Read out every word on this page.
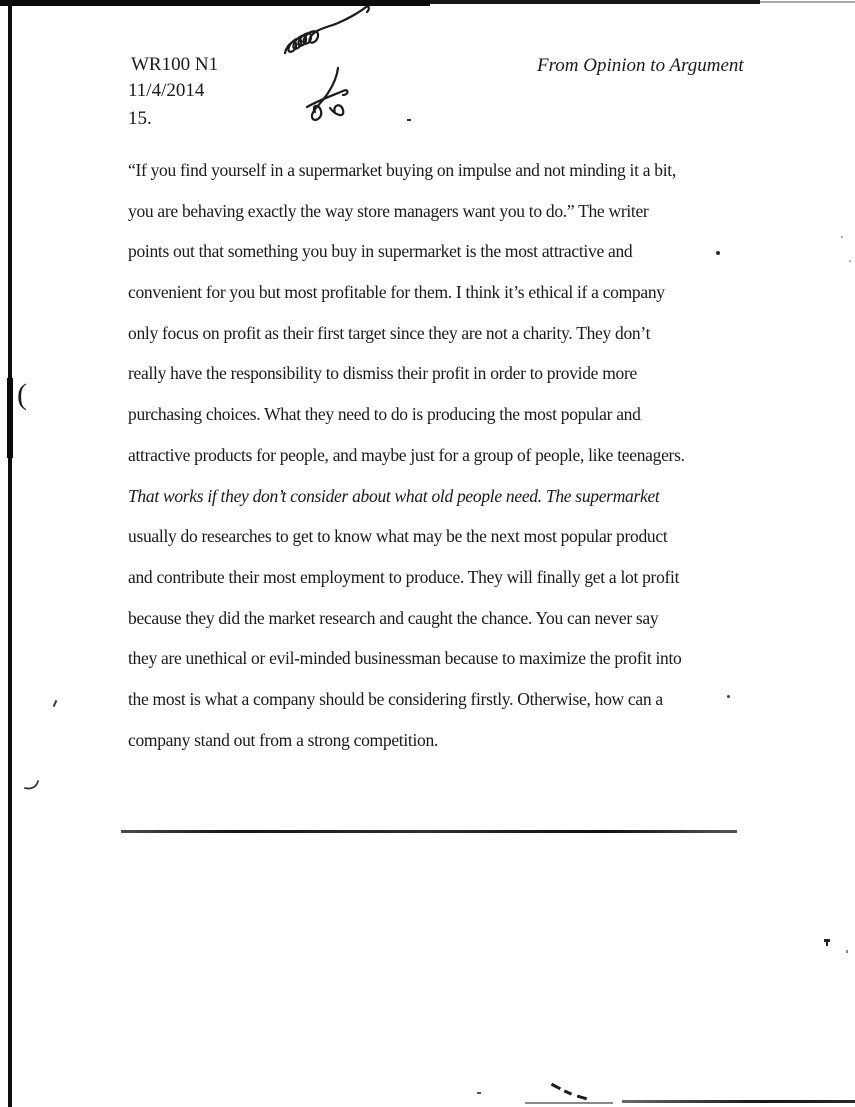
WR100 N1
11/4/2014
15.
From Opinion to Argument
(
“If you find yourself in a supermarket buying on impulse and not minding it a bit,
you are behaving exactly the way store managers want you to do.” The writer
points out that something you buy in supermarket is the most attractive and
convenient for you but most profitable for them. I think it’s ethical if a company
only focus on profit as their first target since they are not a charity. They don’t
really have the responsibility to dismiss their profit in order to provide more
purchasing choices. What they need to do is producing the most popular and
attractive products for people, and maybe just for a group of people, like teenagers.
That works if they don’t consider about what old people need. The supermarket
usually do researches to get to know what may be the next most popular product
and contribute their most employment to produce. They will finally get a lot profit
because they did the market research and caught the chance. You can never say
they are unethical or evil-minded businessman because to maximize the profit into
the most is what a company should be considering firstly. Otherwise, how can a
company stand out from a strong competition.
